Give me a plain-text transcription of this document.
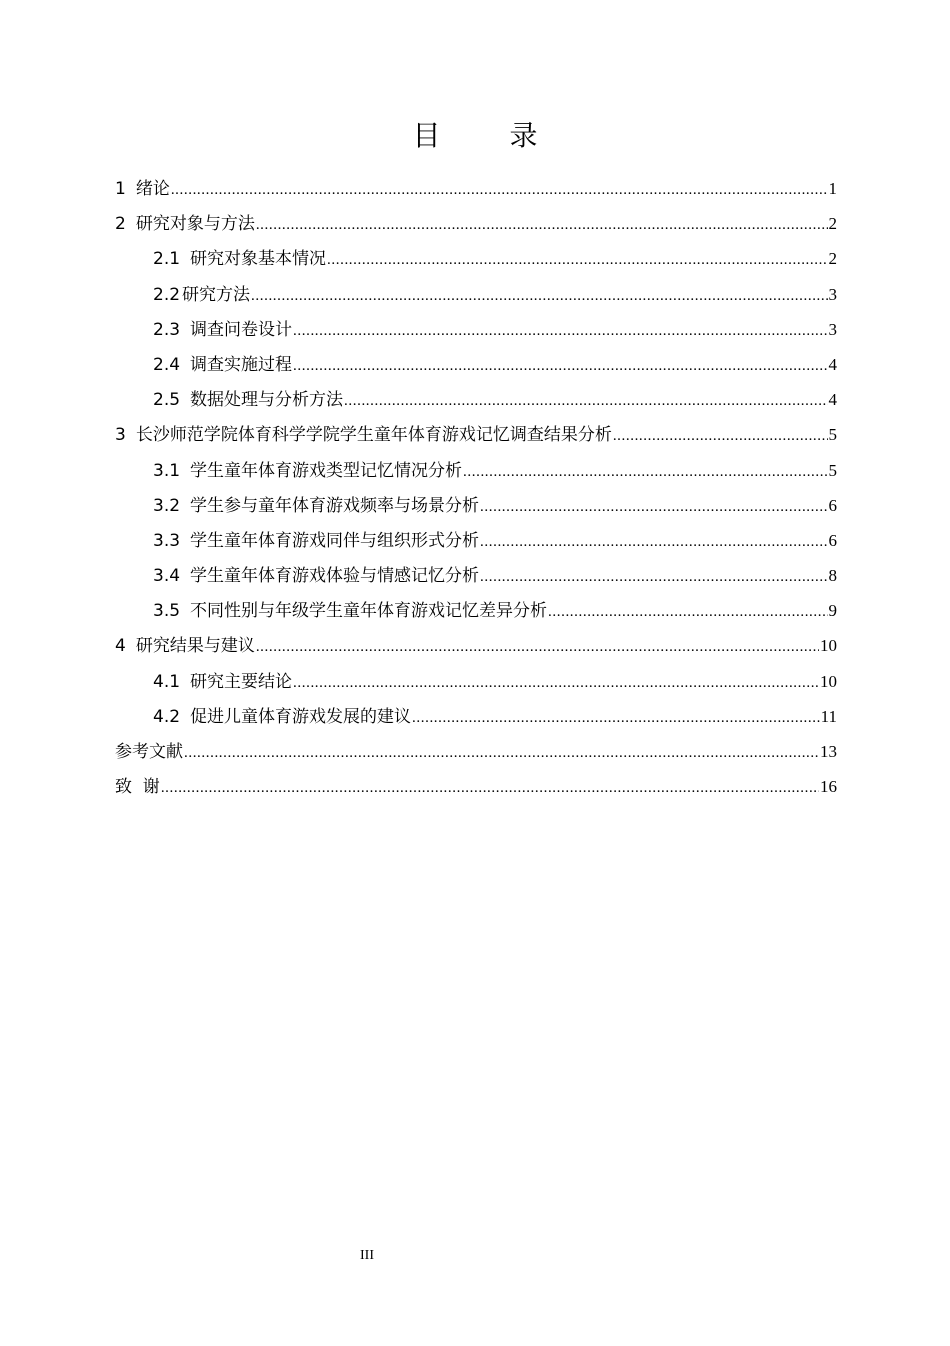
目 录
1 绪论 .....	1
2 研究对象与方法 .....	2
2.1 研究对象基本情况 .....	2
2.2 研究方法 .....	3
2.3 调查问卷设计 .....	3
2.4 调查实施过程 .....	4
2.5 数据处理与分析方法 .....	4
3 长沙师范学院体育科学学院学生童年体育游戏记忆调查结果分析 .....	5
3.1 学生童年体育游戏类型记忆情况分析 .....	5
3.2 学生参与童年体育游戏频率与场景分析 .....	6
3.3 学生童年体育游戏同伴与组织形式分析 .....	6
3.4 学生童年体育游戏体验与情感记忆分析 .....	8
3.5 不同性别与年级学生童年体育游戏记忆差异分析 .....	9
4 研究结果与建议 .....	10
4.1 研究主要结论 .....	10
4.2 促进儿童体育游戏发展的建议 .....	11
参考文献 .....	13
致  谢 .....	16
III
